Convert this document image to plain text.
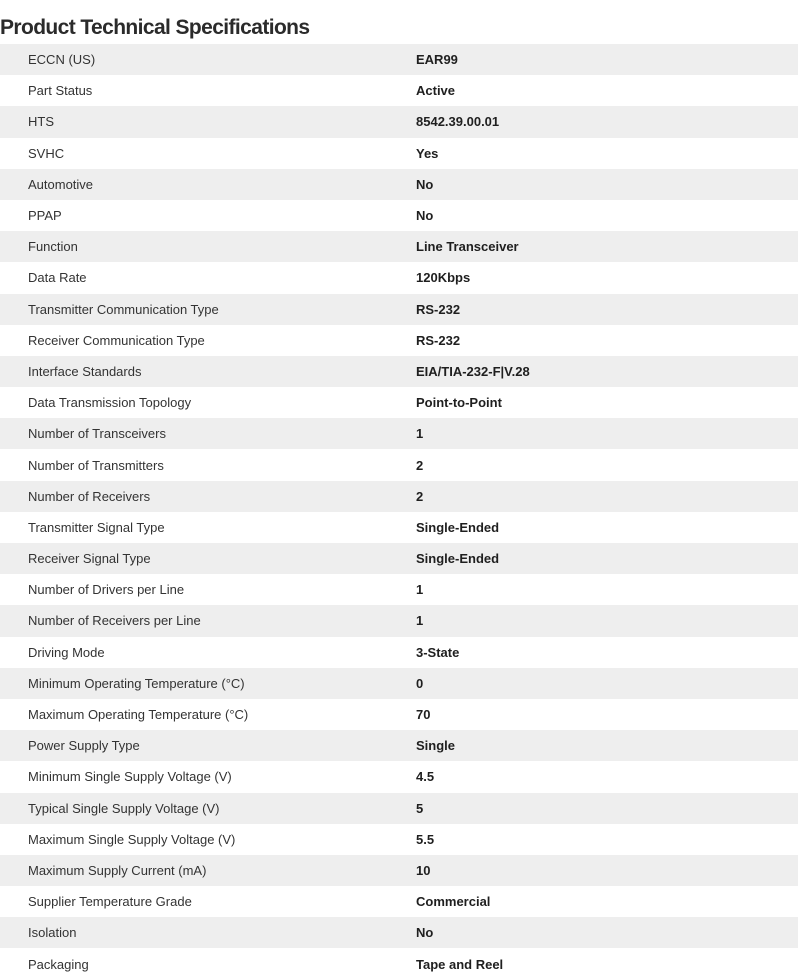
Product Technical Specifications
ECCN (US)	EAR99
Part Status	Active
HTS	8542.39.00.01
SVHC	Yes
Automotive	No
PPAP	No
Function	Line Transceiver
Data Rate	120Kbps
Transmitter Communication Type	RS-232
Receiver Communication Type	RS-232
Interface Standards	EIA/TIA-232-F|V.28
Data Transmission Topology	Point-to-Point
Number of Transceivers	1
Number of Transmitters	2
Number of Receivers	2
Transmitter Signal Type	Single-Ended
Receiver Signal Type	Single-Ended
Number of Drivers per Line	1
Number of Receivers per Line	1
Driving Mode	3-State
Minimum Operating Temperature (°C)	0
Maximum Operating Temperature (°C)	70
Power Supply Type	Single
Minimum Single Supply Voltage (V)	4.5
Typical Single Supply Voltage (V)	5
Maximum Single Supply Voltage (V)	5.5
Maximum Supply Current (mA)	10
Supplier Temperature Grade	Commercial
Isolation	No
Packaging	Tape and Reel
